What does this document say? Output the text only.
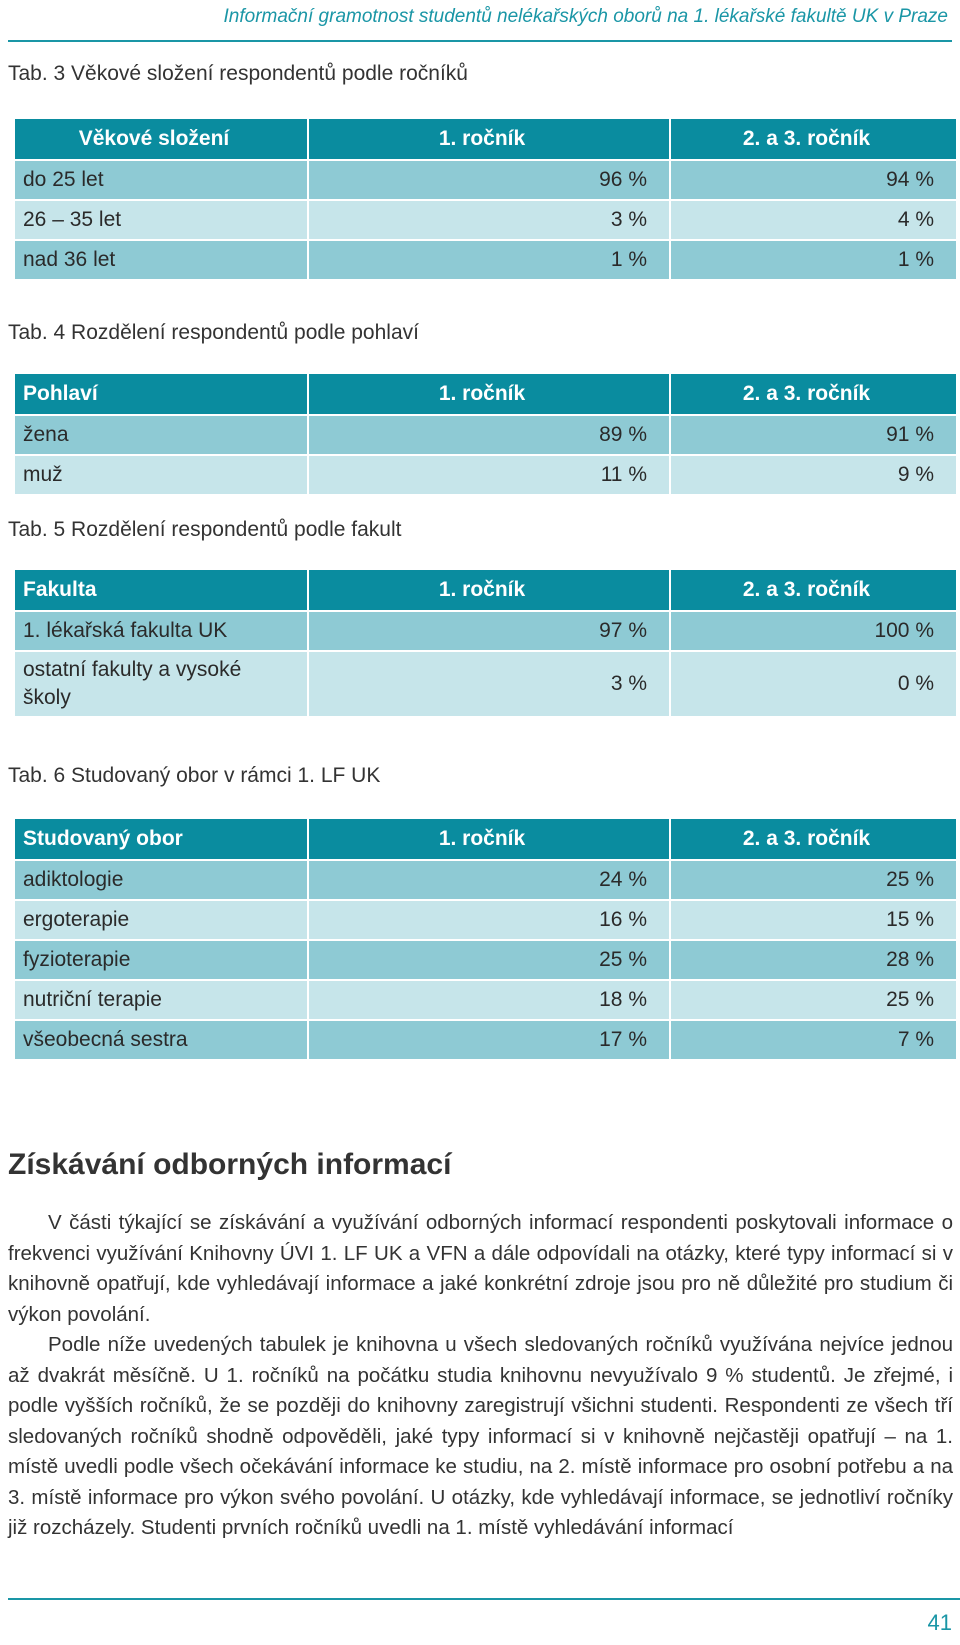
Informační gramotnost studentů nelékařských oborů na 1. lékařské fakultě UK v Praze
Tab. 3 Věkové složení respondentů podle ročníků
Věkové složení	1. ročník	2. a 3. ročník
do 25 let	96 %	94 %
26 – 35 let	3 %	4 %
nad 36 let	1 %	1 %
Tab. 4 Rozdělení respondentů podle pohlaví
Pohlaví	1. ročník	2. a 3. ročník
žena	89 %	91 %
muž	11 %	9 %
Tab. 5 Rozdělení respondentů podle fakult
Fakulta	1. ročník	2. a 3. ročník
1. lékařská fakulta UK	97 %	100 %
ostatní fakulty a vysoké školy	3 %	0 %
Tab. 6 Studovaný obor v rámci 1. LF UK
Studovaný obor	1. ročník	2. a 3. ročník
adiktologie	24 %	25 %
ergoterapie	16 %	15 %
fyzioterapie	25 %	28 %
nutriční terapie	18 %	25 %
všeobecná sestra	17 %	7 %
Získávání odborných informací

V části týkající se získávání a využívání odborných informací respondenti poskytovali informace o frekvenci využívání Knihovny ÚVI 1. LF UK a VFN a dále odpovídali na otázky, které typy informací si v knihovně opatřují, kde vyhledávají informace a jaké konkrétní zdroje jsou pro ně důležité pro studium či výkon povolání.

Podle níže uvedených tabulek je knihovna u všech sledovaných ročníků využívána nejvíce jednou až dvakrát měsíčně. U 1. ročníků na počátku studia knihovnu nevyužívalo 9 % studentů. Je zřejmé, i podle vyšších ročníků, že se později do knihovny zaregistrují všichni studenti. Respondenti ze všech tří sledovaných ročníků shodně odpověděli, jaké typy informací si v knihovně nejčastěji opatřují – na 1. místě uvedli podle všech očekávání informace ke studiu, na 2. místě informace pro osobní potřebu a na 3. místě informace pro výkon svého povolání. U otázky, kde vyhledávají informace, se jednotliví ročníky již rozcházely. Studenti prvních ročníků uvedli na 1. místě vyhledávání informací

41
